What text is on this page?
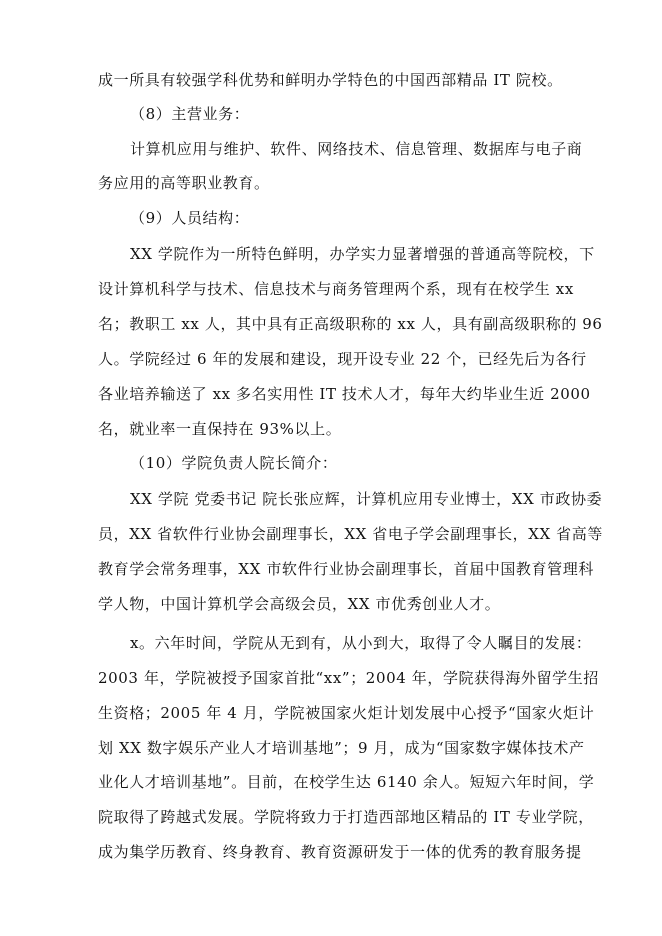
成一所具有较强学科优势和鲜明办学特色的中国西部精品 IT 院校。
（8）主营业务：
计算机应用与维护、软件、网络技术、信息管理、数据库与电子商
务应用的高等职业教育。
（9）人员结构：
XX 学院作为一所特色鲜明，办学实力显著增强的普通高等院校，下
设计算机科学与技术、信息技术与商务管理两个系，现有在校学生 xx
名；教职工 xx 人，其中具有正高级职称的 xx 人，具有副高级职称的 96
人。学院经过 6 年的发展和建设，现开设专业 22 个，已经先后为各行
各业培养输送了 xx 多名实用性 IT 技术人才，每年大约毕业生近 2000
名，就业率一直保持在 93%以上。
（10）学院负责人院长简介：
XX 学院 党委书记 院长张应辉，计算机应用专业博士，XX 市政协委
员，XX 省软件行业协会副理事长，XX 省电子学会副理事长，XX 省高等
教育学会常务理事，XX 市软件行业协会副理事长，首届中国教育管理科
学人物，中国计算机学会高级会员，XX 市优秀创业人才。
x。六年时间，学院从无到有，从小到大，取得了令人瞩目的发展：
2003 年，学院被授予国家首批“xx”；2004 年，学院获得海外留学生招
生资格；2005 年 4 月，学院被国家火炬计划发展中心授予“国家火炬计
划 XX 数字娱乐产业人才培训基地”；9 月，成为“国家数字媒体技术产
业化人才培训基地”。目前，在校学生达 6140 余人。短短六年时间，学
院取得了跨越式发展。学院将致力于打造西部地区精品的 IT 专业学院，
成为集学历教育、终身教育、教育资源研发于一体的优秀的教育服务提
